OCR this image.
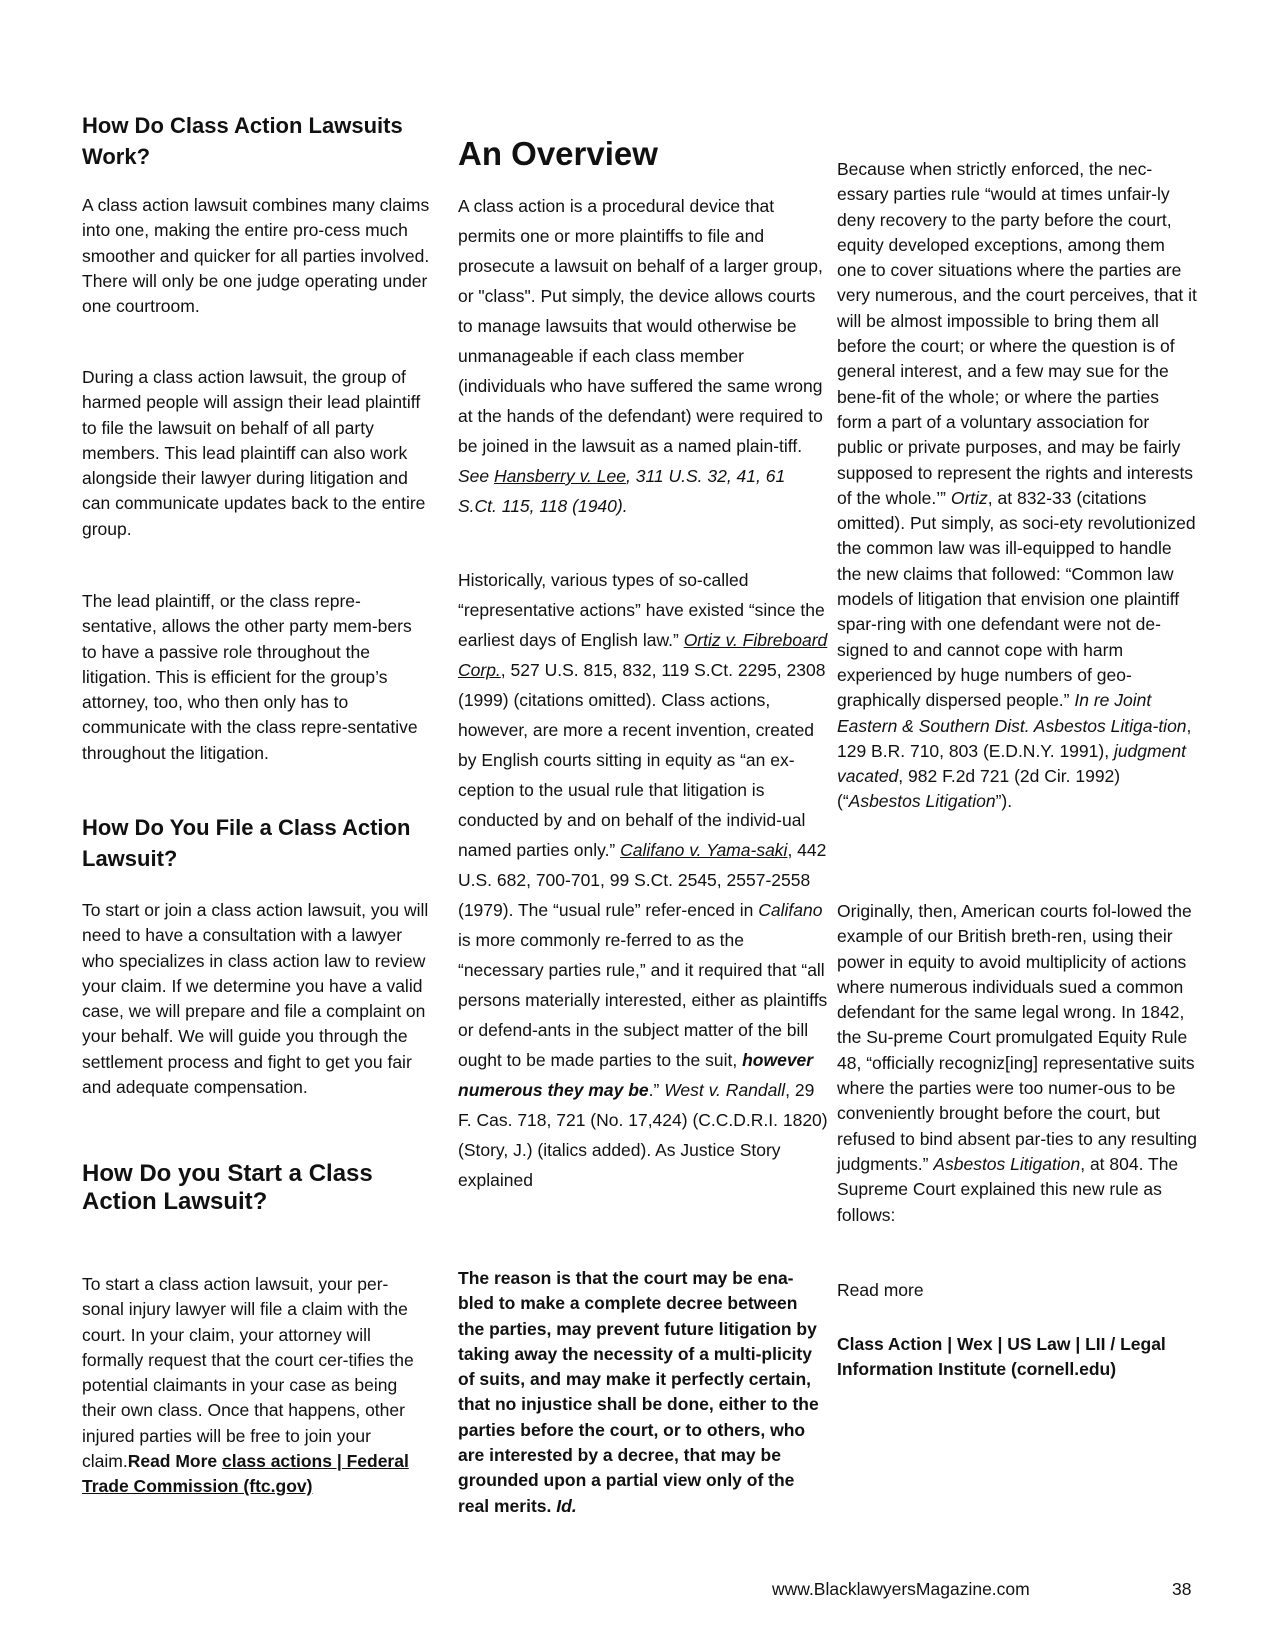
How Do Class Action Lawsuits Work?

A class action lawsuit combines many claims into one, making the entire pro-cess much smoother and quicker for all parties involved. There will only be one judge operating under one courtroom.

During a class action lawsuit, the group of harmed people will assign their lead plaintiff to file the lawsuit on behalf of all party members. This lead plaintiff can also work alongside their lawyer during litigation and can communicate updates back to the entire group.

The lead plaintiff, or the class repre-sentative, allows the other party mem-bers to have a passive role throughout the litigation. This is efficient for the group’s attorney, too, who then only has to communicate with the class repre-sentative throughout the litigation.

How Do You File a Class Action Lawsuit?

To start or join a class action lawsuit, you will need to have a consultation with a lawyer who specializes in class action law to review your claim. If we determine you have a valid case, we will prepare and file a complaint on your behalf. We will guide you through the settlement process and fight to get you fair and adequate compensation.

How Do you Start a Class Action Lawsuit?

To start a class action lawsuit, your per-sonal injury lawyer will file a claim with the court. In your claim, your attorney will formally request that the court cer-tifies the potential claimants in your case as being their own class. Once that happens, other injured parties will be free to join your claim.Read More class actions | Federal Trade Commission (ftc.gov)

An Overview

A class action is a procedural device that permits one or more plaintiffs to file and prosecute a lawsuit on behalf of a larger group, or "class". Put simply, the device allows courts to manage lawsuits that would otherwise be unmanageable if each class member (individuals who have suffered the same wrong at the hands of the defendant) were required to be joined in the lawsuit as a named plain-tiff. See Hansberry v. Lee, 311 U.S. 32, 41, 61 S.Ct. 115, 118 (1940).

Historically, various types of so-called “representative actions” have existed “since the earliest days of English law.” Ortiz v. Fibreboard Corp., 527 U.S. 815, 832, 119 S.Ct. 2295, 2308 (1999) (citations omitted). Class actions, however, are more a recent invention, created by English courts sitting in equity as “an ex-ception to the usual rule that litigation is conducted by and on behalf of the individ-ual named parties only.” Califano v. Yama-saki, 442 U.S. 682, 700-701, 99 S.Ct. 2545, 2557-2558 (1979). The “usual rule” refer-enced in Califano is more commonly re-ferred to as the “necessary parties rule,” and it required that “all persons materially interested, either as plaintiffs or defend-ants in the subject matter of the bill ought to be made parties to the suit, however numerous they may be.” West v. Randall, 29 F. Cas. 718, 721 (No. 17,424) (C.C.D.R.I. 1820) (Story, J.) (italics added). As Justice Story explained

The reason is that the court may be ena-bled to make a complete decree between the parties, may prevent future litigation by taking away the necessity of a multi-plicity of suits, and may make it perfectly certain, that no injustice shall be done, either to the parties before the court, or to others, who are interested by a decree, that may be grounded upon a partial view only of the real merits. Id.

Because when strictly enforced, the nec-essary parties rule “would at times unfair-ly deny recovery to the party before the court, equity developed exceptions, among them one to cover situations where the parties are very numerous, and the court perceives, that it will be almost impossible to bring them all before the court; or where the question is of general interest, and a few may sue for the bene-fit of the whole; or where the parties form a part of a voluntary association for public or private purposes, and may be fairly supposed to represent the rights and interests of the whole.’” Ortiz, at 832-33 (citations omitted). Put simply, as soci-ety revolutionized the common law was ill-equipped to handle the new claims that followed: “Common law models of litigation that envision one plaintiff spar-ring with one defendant were not de-signed to and cannot cope with harm experienced by huge numbers of geo-graphically dispersed people.” In re Joint Eastern & Southern Dist. Asbestos Litiga-tion, 129 B.R. 710, 803 (E.D.N.Y. 1991), judgment vacated, 982 F.2d 721 (2d Cir. 1992) (“Asbestos Litigation”).

Originally, then, American courts fol-lowed the example of our British breth-ren, using their power in equity to avoid multiplicity of actions where numerous individuals sued a common defendant for the same legal wrong. In 1842, the Su-preme Court promulgated Equity Rule 48, “officially recogniz[ing] representative suits where the parties were too numer-ous to be conveniently brought before the court, but refused to bind absent par-ties to any resulting judgments.” Asbestos Litigation, at 804. The Supreme Court explained this new rule as follows:

Read more

Class Action | Wex | US Law | LII / Legal Information Institute (cornell.edu)
www.BlacklawyersMagazine.com	38
